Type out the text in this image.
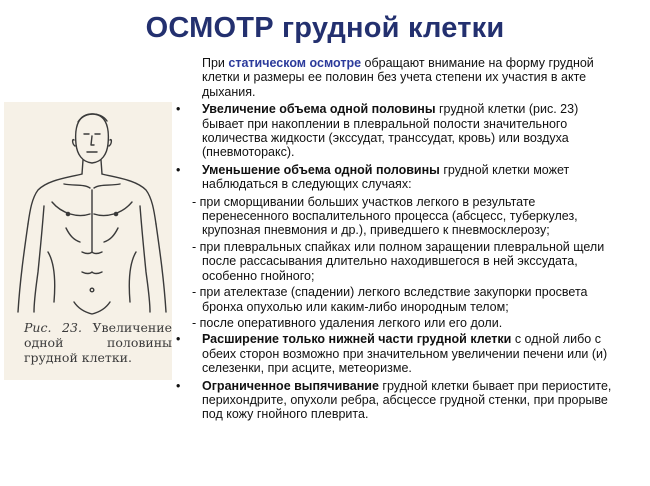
ОСМОТР грудной клетки
Рис. 23. Увеличение одной половины грудной клетки.
При статическом осмотре обращают внимание на форму грудной клетки и размеры ее половин без учета степени их участия в акте дыхания.
•	Увеличение объема одной половины грудной клетки (рис. 23) бывает при накоплении в плевральной полости значительного количества жидкости (экссудат, транссудат, кровь) или воздуха (пневмоторакс).
•	Уменьшение объема одной половины грудной клетки может наблюдаться в следующих случаях:
- при сморщивании больших участков легкого в результате перенесенного воспалительного процесса (абсцесс, туберкулез, крупозная пневмония и др.), приведшего к пневмосклерозу;
- при плевральных спайках или полном заращении плевральной щели после рассасывания длительно находившегося в ней экссудата, особенно гнойного;
- при ателектазе (спадении) легкого вследствие закупорки просвета бронха опухолью или каким-либо инородным телом;
- после оперативного удаления легкого или его доли.
•	Расширение только нижней части грудной клетки с одной либо с обеих сторон возможно при значительном увеличении печени или (и) селезенки, при асците, метеоризме.
•	Ограниченное выпячивание грудной клетки бывает при периостите, перихондрите, опухоли ребра, абсцессе грудной стенки, при прорыве под кожу гнойного плеврита.
